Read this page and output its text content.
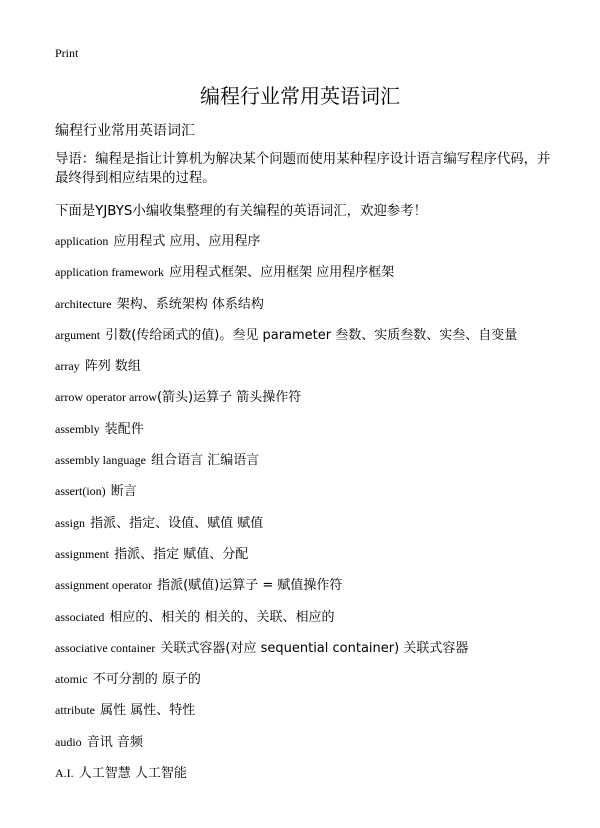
Print
编程行业常用英语词汇
编程行业常用英语词汇

导语：编程是指让计算机为解决某个问题而使用某种程序设计语言编写程序代码，并最终得到相应结果的过程。

下面是YJBYS小编收集整理的有关编程的英语词汇，欢迎参考！

application 应用程式 应用、应用程序
application framework 应用程式框架、应用框架 应用程序框架
architecture 架构、系统架构 体系结构
argument 引数(传给函式的值)。叁见 parameter 叁数、实质叁数、实叁、自变量
array 阵列 数组
arrow operator arrow(箭头)运算子 箭头操作符
assembly 装配件
assembly language 组合语言 汇编语言
assert(ion) 断言
assign 指派、指定、设值、赋值 赋值
assignment 指派、指定 赋值、分配
assignment operator 指派(赋值)运算子 = 赋值操作符
associated 相应的、相关的 相关的、关联、相应的
associative container 关联式容器(对应 sequential container) 关联式容器
atomic 不可分割的 原子的
attribute 属性 属性、特性
audio 音讯 音频
A.I. 人工智慧 人工智能
